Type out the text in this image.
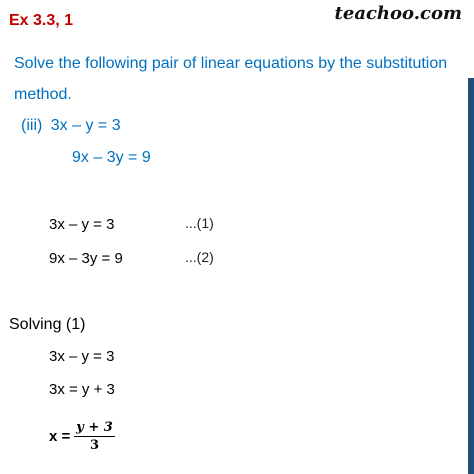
teachoo.com
Ex 3.3, 1
Solve the following pair of linear equations by the substitution
method.
(iii) 3x – y = 3
9x – 3y = 9
3x – y = 3	...(1)
9x – 3y = 9	...(2)
Solving (1)
3x – y = 3
3x = y + 3
$x = \frac{y + 3}{3}$
